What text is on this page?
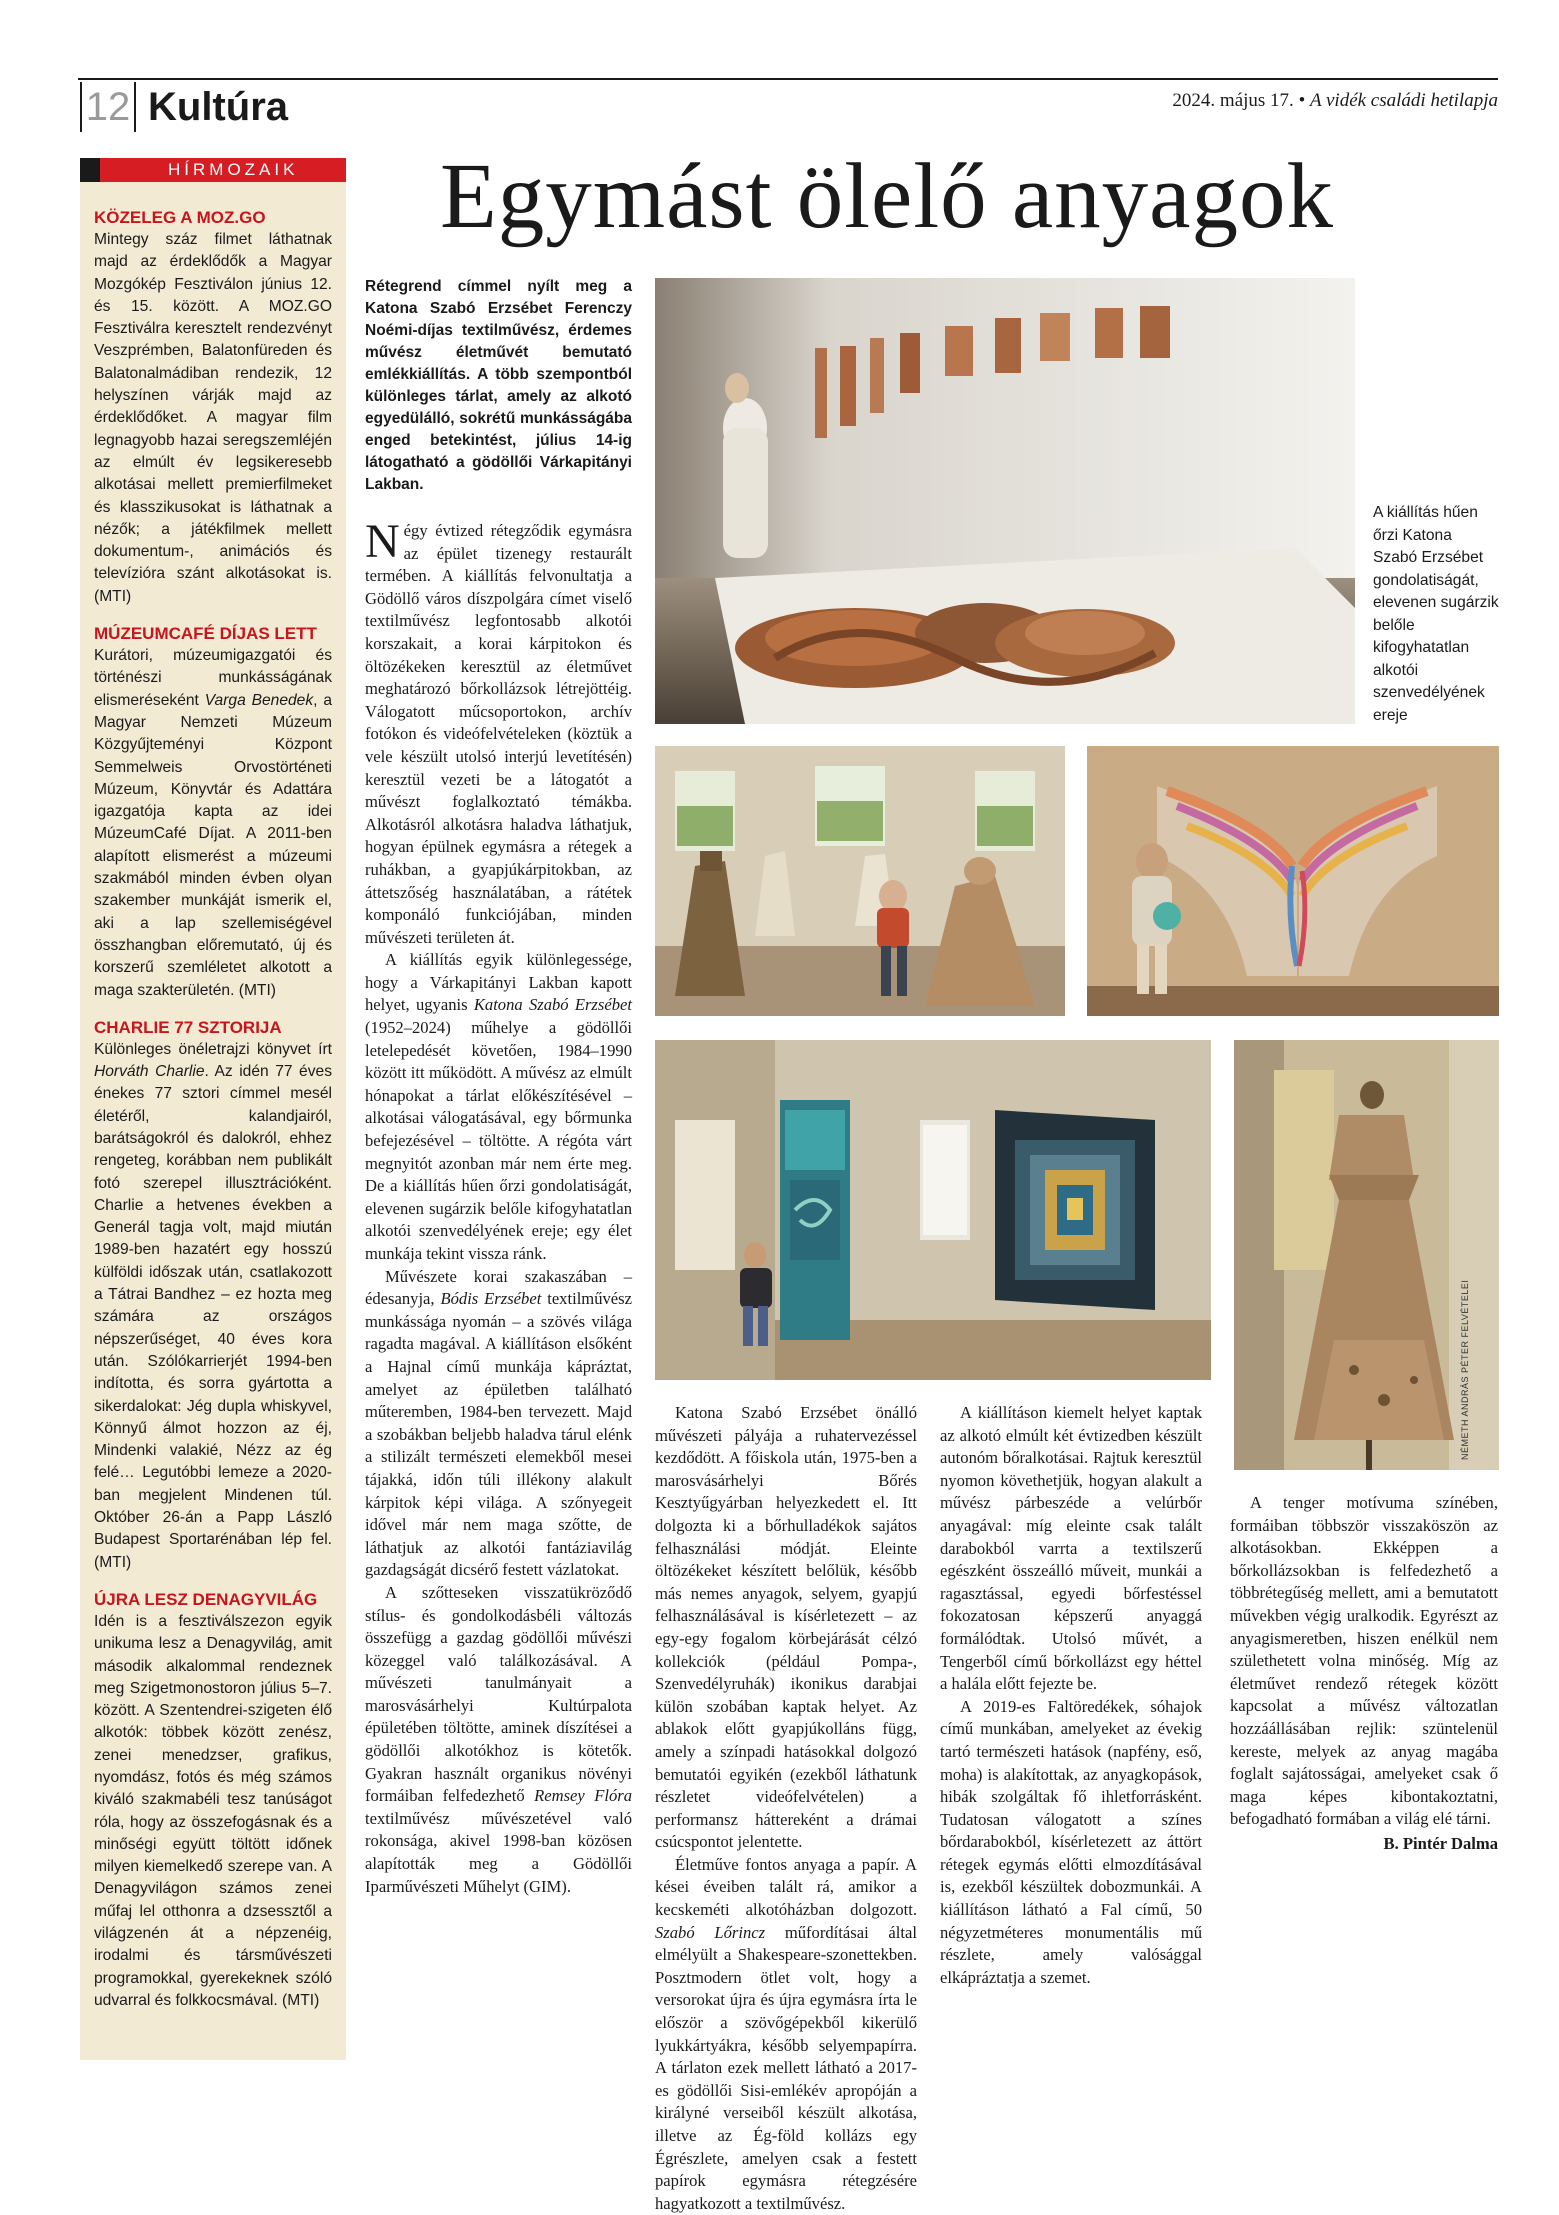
12 Kultúra	2024. május 17. • A vidék családi hetilapja
HÍRMOZAIK
KÖZELEG A MOZ.GO
Mintegy száz filmet láthatnak majd az érdeklődők a Magyar Mozgókép Fesztiválon június 12. és 15. között. A MOZ.GO Fesztiválra keresztelt rendezvényt Veszprémben, Balatonfüreden és Balatonalmádiban rendezik, 12 helyszínen várják majd az érdeklődőket. A magyar film legnagyobb hazai seregszemléjén az elmúlt év legsikeresebb alkotásai mellett premierfilmeket és klasszikusokat is láthatnak a nézők; a játékfilmek mellett dokumentum-, animációs és televízióra szánt alkotásokat is. (MTI)
MÚZEUMCAFÉ DÍJAS LETT
Kurátori, múzeumigazgatói és történészi munkásságának elismeréseként Varga Benedek, a Magyar Nemzeti Múzeum Közgyűjteményi Központ Semmelweis Orvostörténeti Múzeum, Könyvtár és Adattára igazgatója kapta az idei MúzeumCafé Díjat. A 2011-ben alapított elismerést a múzeumi szakmából minden évben olyan szakember munkáját ismerik el, aki a lap szellemiségével összhangban előremutató, új és korszerű szemléletet alkotott a maga szakterületén. (MTI)
CHARLIE 77 SZTORIJA
Különleges önéletrajzi könyvet írt Horváth Charlie. Az idén 77 éves énekes 77 sztori címmel mesél életéről, kalandjairól, barátságokról és dalokról, ehhez rengeteg, korábban nem publikált fotó szerepel illusztrációként. Charlie a hetvenes években a Generál tagja volt, majd miután 1989-ben hazatért egy hosszú külföldi időszak után, csatlakozott a Tátrai Bandhez – ez hozta meg számára az országos népszerűséget, 40 éves kora után. Szólókarrierjét 1994-ben indította, és sorra gyártotta a sikerdalokat: Jég dupla whiskyvel, Könnyű álmot hozzon az éj, Mindenki valakié, Nézz az ég felé… Legutóbbi lemeze a 2020-ban megjelent Mindenen túl. Október 26-án a Papp László Budapest Sportarénában lép fel. (MTI)
ÚJRA LESZ DENAGYVILÁG
Idén is a fesztiválszezon egyik unikuma lesz a Denagyvilág, amit második alkalommal rendeznek meg Szigetmonostoron július 5–7. között. A Szentendrei-szigeten élő alkotók: többek között zenész, zenei menedzser, grafikus, nyomdász, fotós és még számos kiváló szakmabéli tesz tanúságot róla, hogy az összefogásnak és a minőségi együtt töltött időnek milyen kiemelkedő szerepe van. A Denagyvilágon számos zenei műfaj lel otthonra a dzsessztől a világzenén át a népzenéig, irodalmi és társművészeti programokkal, gyerekeknek szóló udvarral és folkkocsmával. (MTI)
Egymást ölelő anyagok
Rétegrend címmel nyílt meg a Katona Szabó Erzsébet Ferenczy Noémi-díjas textilművész, érdemes művész életművét bemutató emlékkiállítás. A több szempontból különleges tárlat, amely az alkotó egyedülálló, sokrétű munkásságába enged betekintést, július 14-ig látogatható a gödöllői Várkapitányi Lakban.

Négy évtized rétegződik egymásra az épület tizenegy restaurált termében. A kiállítás felvonultatja a Gödöllő város díszpolgára címet viselő textilművész legfontosabb alkotói korszakait, a korai kárpitokon és öltözékeken keresztül az életművet meghatározó bőrkollázsok létrejöttéig. Válogatott műcsoportokon, archív fotókon és videófelvételeken (köztük a vele készült utolsó interjú levetítésén) keresztül vezeti be a látogatót a művészt foglalkoztató témákba. Alkotásról alkotásra haladva láthatjuk, hogyan épülnek egymásra a rétegek a ruhákban, a gyapjúkárpitokban, az áttetszőség használatában, a rátétek komponáló funkciójában, minden művészeti területen át.

A kiállítás egyik különlegessége, hogy a Várkapitányi Lakban kapott helyet, ugyanis Katona Szabó Erzsébet (1952–2024) műhelye a gödöllői letelepedését követően, 1984–1990 között itt működött. A művész az elmúlt hónapokat a tárlat előkészítésével – alkotásai válogatásával, egy bőrmunka befejezésével – töltötte. A régóta várt megnyitót azonban már nem érte meg. De a kiállítás hűen őrzi gondolatiságát, elevenen sugárzik belőle kifogyhatatlan alkotói szenvedélyének ereje; egy élet munkája tekint vissza ránk.

Művészete korai szakaszában – édesanyja, Bódis Erzsébet textilművész munkássága nyomán – a szövés világa ragadta magával. A kiállításon elsőként a Hajnal című munkája kápráztat, amelyet az épületben található műteremben, 1984-ben tervezett. Majd a szobákban beljebb haladva tárul elénk a stilizált természeti elemekből mesei tájakká, időn túli illékony alakult kárpitok képi világa. A szőnyegeit idővel már nem maga szőtte, de láthatjuk az alkotói fantáziavilág gazdagságát dicsérő festett vázlatokat.

A szőtteseken visszatükröződő stílus- és gondolkodásbéli változás összefügg a gazdag gödöllői művészi közeggel való találkozásával. A művészeti tanulmányait a marosvásárhelyi Kultúrpalota épületében töltötte, aminek díszítései a gödöllői alkotókhoz is kötetők. Gyakran használt organikus növényi formáiban felfedezhető Remsey Flóra textilművész művészetével való rokonsága, akivel 1998-ban közösen alapították meg a Gödöllői Iparművészeti Műhelyt (GIM).

Katona Szabó Erzsébet önálló művészeti pályája a ruhatervezéssel kezdődött. A főiskola után, 1975-ben a marosvásárhelyi Bőrés Kesztyűgyárban helyezkedett el. Itt dolgozta ki a bőrhulladékok sajátos felhasználási módját. Eleinte öltözékeket készített belőlük, később más nemes anyagok, selyem, gyapjú felhasználásával is kísérletezett – az egy-egy fogalom körbejárását célzó kollekciók (például Pompa-, Szenvedélyruhák) ikonikus darabjai külön szobában kaptak helyet. Az ablakok előtt gyapjúkolláns függ, amely a színpadi hatásokkal dolgozó bemutatói egyikén (ezekből láthatunk részletet videófelvételen) a performansz háttereként a drámai csúcspontot jelentette.

Életműve fontos anyaga a papír. A kései éveiben talált rá, amikor a kecskeméti alkotóházban dolgozott. Szabó Lőrincz műfordításai által elmélyült a Shakespeare-szonettekben. Posztmodern ötlet volt, hogy a versorokat újra és újra egymásra írta le először a szövőgépekből kikerülő lyukkártyákra, később selyempapírra. A tárlaton ezek mellett látható a 2017-es gödöllői Sisi-emlékév apropóján a királyné verseiből készült alkotása, illetve az Ég-föld kollázs egy Égrészlete, amelyen csak a festett papírok egymásra rétegzésére hagyatkozott a textilművész.

A kiállításon kiemelt helyet kaptak az alkotó elmúlt két évtizedben készült autonóm bőralkotásai. Rajtuk keresztül nyomon követhetjük, hogyan alakult a művész párbeszéde a velúrbőr anyagával: míg eleinte csak talált darabokból varrta a textilszerű egészként összeálló műveit, munkái a ragasztással, egyedi bőrfestéssel fokozatosan képszerű anyaggá formálódtak. Utolsó művét, a Tengerből című bőrkollázst egy héttel a halála előtt fejezte be.

A 2019-es Faltöredékek, sóhajok című munkában, amelyeket az évekig tartó természeti hatások (napfény, eső, moha) is alakítottak, az anyagkopások, hibák szolgáltak fő ihletforrásként. Tudatosan válogatott a színes bőrdarabokból, kísérletezett az áttört rétegek egymás előtti elmozdításával is, ezekből készültek dobozmunkái. A kiállításon látható a Fal című, 50 négyzetméteres monumentális mű részlete, amely valósággal elkápráztatja a szemet.

A tenger motívuma színében, formáiban többször visszaköszön az alkotásokban. Ekképpen a bőrkollázsokban is felfedezhető a többrétegűség mellett, ami a bemutatott művekben végig uralkodik. Egyrészt az anyagismeretben, hiszen enélkül nem születhetett volna minőség. Míg az életművet rendező rétegek között kapcsolat a művész változatlan hozzáállásában rejlik: szüntelenül kereste, melyek az anyag magába foglalt sajátosságai, amelyeket csak ő maga képes kibontakoztatni, befogadható formában a világ elé tárni.

B. Pintér Dalma

A kiállítás hűen őrzi Katona Szabó Erzsébet gondolatiságát, elevenen sugárzik belőle kifogyhatatlan alkotói szenvedélyének ereje
NÉMETH ANDRÁS PÉTER FELVÉTELEI
